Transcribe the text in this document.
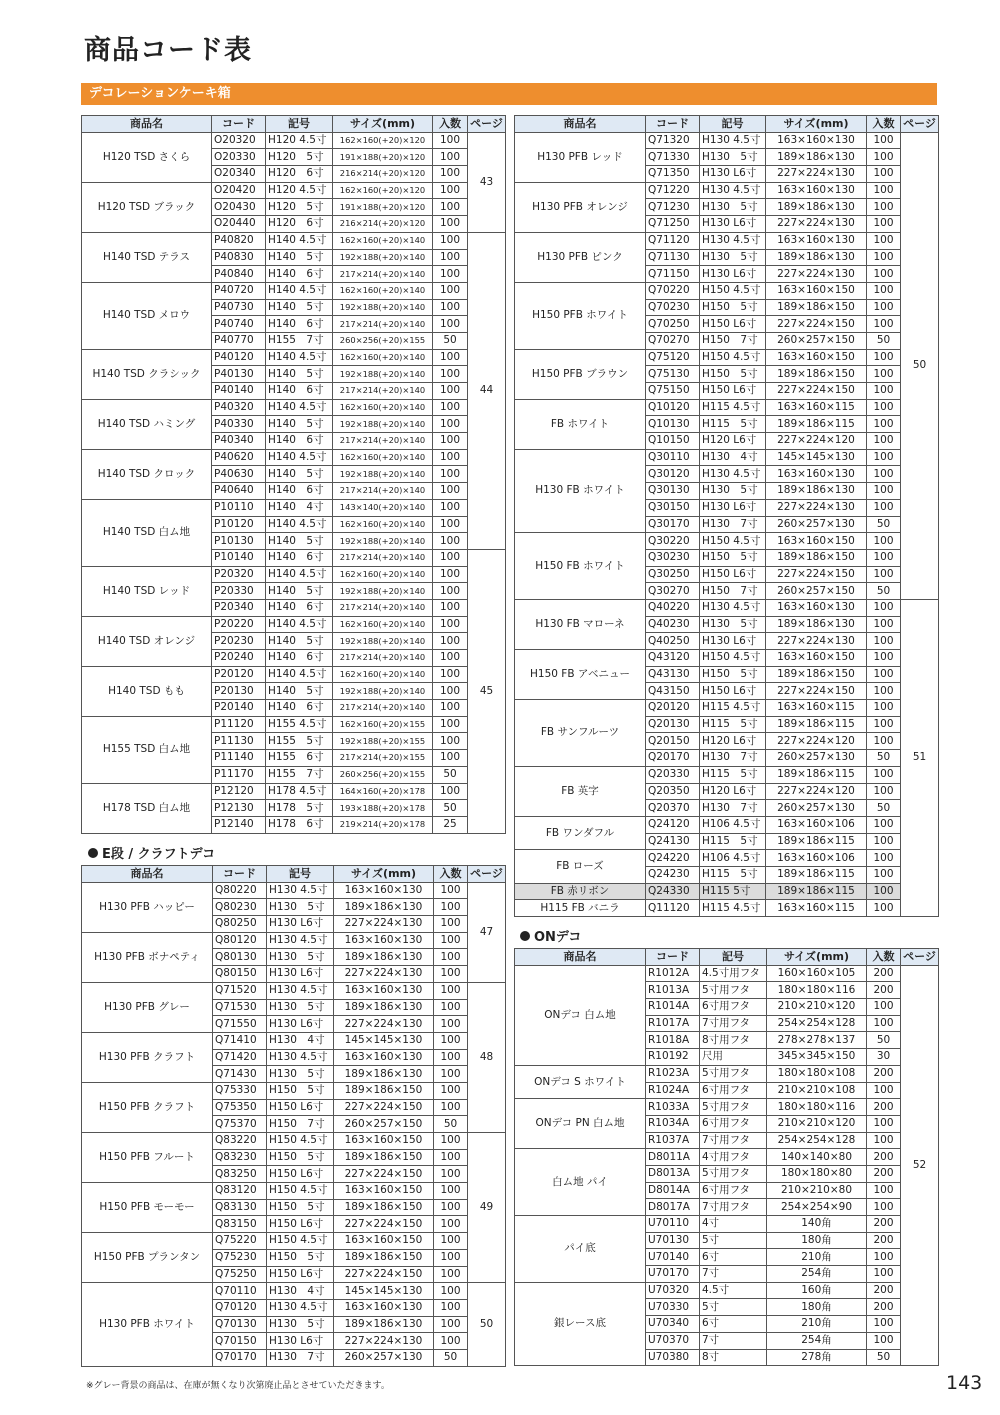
商品コード表
デコレーションケーキ箱
商品名	コード	記号	サイズ(mm)	入数	ページ
H120 TSD さくら	O20320	H120 4.5寸	162×160(+20)×120	100	43
	O20330	H120　5寸	191×188(+20)×120	100	
	O20340	H120　6寸	216×214(+20)×120	100	
H120 TSD ブラック	O20420	H120 4.5寸	162×160(+20)×120	100	
	O20430	H120　5寸	191×188(+20)×120	100	
	O20440	H120　6寸	216×214(+20)×120	100	
H140 TSD テラス	P40820	H140 4.5寸	162×160(+20)×140	100	44
	P40830	H140　5寸	192×188(+20)×140	100	
	P40840	H140　6寸	217×214(+20)×140	100	
H140 TSD メロウ	P40720	H140 4.5寸	162×160(+20)×140	100	
	P40730	H140　5寸	192×188(+20)×140	100	
	P40740	H140　6寸	217×214(+20)×140	100	
	P40770	H155　7寸	260×256(+20)×155	50	
H140 TSD クラシック	P40120	H140 4.5寸	162×160(+20)×140	100	
	P40130	H140　5寸	192×188(+20)×140	100	
	P40140	H140　6寸	217×214(+20)×140	100	
H140 TSD ハミング	P40320	H140 4.5寸	162×160(+20)×140	100	
	P40330	H140　5寸	192×188(+20)×140	100	
	P40340	H140　6寸	217×214(+20)×140	100	
H140 TSD クロック	P40620	H140 4.5寸	162×160(+20)×140	100	
	P40630	H140　5寸	192×188(+20)×140	100	
	P40640	H140　6寸	217×214(+20)×140	100	
H140 TSD 白ム地	P10110	H140　4寸	143×140(+20)×140	100	
	P10120	H140 4.5寸	162×160(+20)×140	100	
	P10130	H140　5寸	192×188(+20)×140	100	
	P10140	H140　6寸	217×214(+20)×140	100	45
H140 TSD レッド	P20320	H140 4.5寸	162×160(+20)×140	100	
	P20330	H140　5寸	192×188(+20)×140	100	
	P20340	H140　6寸	217×214(+20)×140	100	
H140 TSD オレンジ	P20220	H140 4.5寸	162×160(+20)×140	100	
	P20230	H140　5寸	192×188(+20)×140	100	
	P20240	H140　6寸	217×214(+20)×140	100	
H140 TSD もも	P20120	H140 4.5寸	162×160(+20)×140	100	
	P20130	H140　5寸	192×188(+20)×140	100	
	P20140	H140　6寸	217×214(+20)×140	100	
H155 TSD 白ム地	P11120	H155 4.5寸	162×160(+20)×155	100	
	P11130	H155　5寸	192×188(+20)×155	100	
	P11140	H155　6寸	217×214(+20)×155	100	
	P11170	H155　7寸	260×256(+20)×155	50	
H178 TSD 白ム地	P12120	H178 4.5寸	164×160(+20)×178	100	
	P12130	H178　5寸	193×188(+20)×178	50	
	P12140	H178　6寸	219×214(+20)×178	25	
商品名	コード	記号	サイズ(mm)	入数	ページ
H130 PFB レッド	Q71320	H130 4.5寸	163×160×130	100	50
	Q71330	H130　5寸	189×186×130	100	
	Q71350	H130 L6寸	227×224×130	100	
H130 PFB オレンジ	Q71220	H130 4.5寸	163×160×130	100	
	Q71230	H130　5寸	189×186×130	100	
	Q71250	H130 L6寸	227×224×130	100	
H130 PFB ピンク	Q71120	H130 4.5寸	163×160×130	100	
	Q71130	H130　5寸	189×186×130	100	
	Q71150	H130 L6寸	227×224×130	100	
H150 PFB ホワイト	Q70220	H150 4.5寸	163×160×150	100	
	Q70230	H150　5寸	189×186×150	100	
	Q70250	H150 L6寸	227×224×150	100	
	Q70270	H150　7寸	260×257×150	50	
H150 PFB ブラウン	Q75120	H150 4.5寸	163×160×150	100	
	Q75130	H150　5寸	189×186×150	100	
	Q75150	H150 L6寸	227×224×150	100	
FB ホワイト	Q10120	H115 4.5寸	163×160×115	100	
	Q10130	H115　5寸	189×186×115	100	
	Q10150	H120 L6寸	227×224×120	100	
H130 FB ホワイト	Q30110	H130　4寸	145×145×130	100	
	Q30120	H130 4.5寸	163×160×130	100	
	Q30130	H130　5寸	189×186×130	100	
	Q30150	H130 L6寸	227×224×130	100	
	Q30170	H130　7寸	260×257×130	50	
H150 FB ホワイト	Q30220	H150 4.5寸	163×160×150	100	
	Q30230	H150　5寸	189×186×150	100	
	Q30250	H150 L6寸	227×224×150	100	
	Q30270	H150　7寸	260×257×150	50	
H130 FB マローネ	Q40220	H130 4.5寸	163×160×130	100	51
	Q40230	H130　5寸	189×186×130	100	
	Q40250	H130 L6寸	227×224×130	100	
H150 FB アベニュー	Q43120	H150 4.5寸	163×160×150	100	
	Q43130	H150　5寸	189×186×150	100	
	Q43150	H150 L6寸	227×224×150	100	
FB サンフルーツ	Q20120	H115 4.5寸	163×160×115	100	
	Q20130	H115　5寸	189×186×115	100	
	Q20150	H120 L6寸	227×224×120	100	
	Q20170	H130　7寸	260×257×130	50	
FB 英字	Q20330	H115　5寸	189×186×115	100	
	Q20350	H120 L6寸	227×224×120	100	
	Q20370	H130　7寸	260×257×130	50	
FB ワンダフル	Q24120	H106 4.5寸	163×160×106	100	
	Q24130	H115　5寸	189×186×115	100	
FB ローズ	Q24220	H106 4.5寸	163×160×106	100	
	Q24230	H115　5寸	189×186×115	100	
FB 赤リボン	Q24330	H115 5寸	189×186×115	100	
H115 FB バニラ	Q11120	H115 4.5寸	163×160×115	100	
E段 / クラフトデコ
商品名	コード	記号	サイズ(mm)	入数	ページ
H130 PFB ハッピー	Q80220	H130 4.5寸	163×160×130	100	47
	Q80230	H130　5寸	189×186×130	100	
	Q80250	H130 L6寸	227×224×130	100	
H130 PFB ボナペティ	Q80120	H130 4.5寸	163×160×130	100	
	Q80130	H130　5寸	189×186×130	100	
	Q80150	H130 L6寸	227×224×130	100	
H130 PFB グレー	Q71520	H130 4.5寸	163×160×130	100	48
	Q71530	H130　5寸	189×186×130	100	
	Q71550	H130 L6寸	227×224×130	100	
H130 PFB クラフト	Q71410	H130　4寸	145×145×130	100	
	Q71420	H130 4.5寸	163×160×130	100	
	Q71430	H130　5寸	189×186×130	100	
H150 PFB クラフト	Q75330	H150　5寸	189×186×150	100	
	Q75350	H150 L6寸	227×224×150	100	
	Q75370	H150　7寸	260×257×150	50	
H150 PFB フルート	Q83220	H150 4.5寸	163×160×150	100	49
	Q83230	H150　5寸	189×186×150	100	
	Q83250	H150 L6寸	227×224×150	100	
H150 PFB モーモー	Q83120	H150 4.5寸	163×160×150	100	
	Q83130	H150　5寸	189×186×150	100	
	Q83150	H150 L6寸	227×224×150	100	
H150 PFB プランタン	Q75220	H150 4.5寸	163×160×150	100	
	Q75230	H150　5寸	189×186×150	100	
	Q75250	H150 L6寸	227×224×150	100	
H130 PFB ホワイト	Q70110	H130　4寸	145×145×130	100	50
	Q70120	H130 4.5寸	163×160×130	100	
	Q70130	H130　5寸	189×186×130	100	
	Q70150	H130 L6寸	227×224×130	100	
	Q70170	H130　7寸	260×257×130	50	
ONデコ
商品名	コード	記号	サイズ(mm)	入数	ページ
ONデコ 白ム地	R1012A	4.5寸用フタ	160×160×105	200	52
	R1013A	5寸用フタ	180×180×116	200	
	R1014A	6寸用フタ	210×210×120	100	
	R1017A	7寸用フタ	254×254×128	100	
	R1018A	8寸用フタ	278×278×137	50	
	R10192	尺用	345×345×150	30	
ONデコ S ホワイト	R1023A	5寸用フタ	180×180×108	200	
	R1024A	6寸用フタ	210×210×108	100	
ONデコ PN 白ム地	R1033A	5寸用フタ	180×180×116	200	
	R1034A	6寸用フタ	210×210×120	100	
	R1037A	7寸用フタ	254×254×128	100	
白ム地 パイ	D8011A	4寸用フタ	140×140×80	200	
	D8013A	5寸用フタ	180×180×80	200	
	D8014A	6寸用フタ	210×210×80	100	
	D8017A	7寸用フタ	254×254×90	100	
パイ底	U70110	4寸	140角	200	
	U70130	5寸	180角	200	
	U70140	6寸	210角	100	
	U70170	7寸	254角	100	
銀レース底	U70320	4.5寸	160角	200	
	U70330	5寸	180角	200	
	U70340	6寸	210角	100	
	U70370	7寸	254角	100	
	U70380	8寸	278角	50	
※グレー背景の商品は、在庫が無くなり次第廃止品とさせていただきます。	143
